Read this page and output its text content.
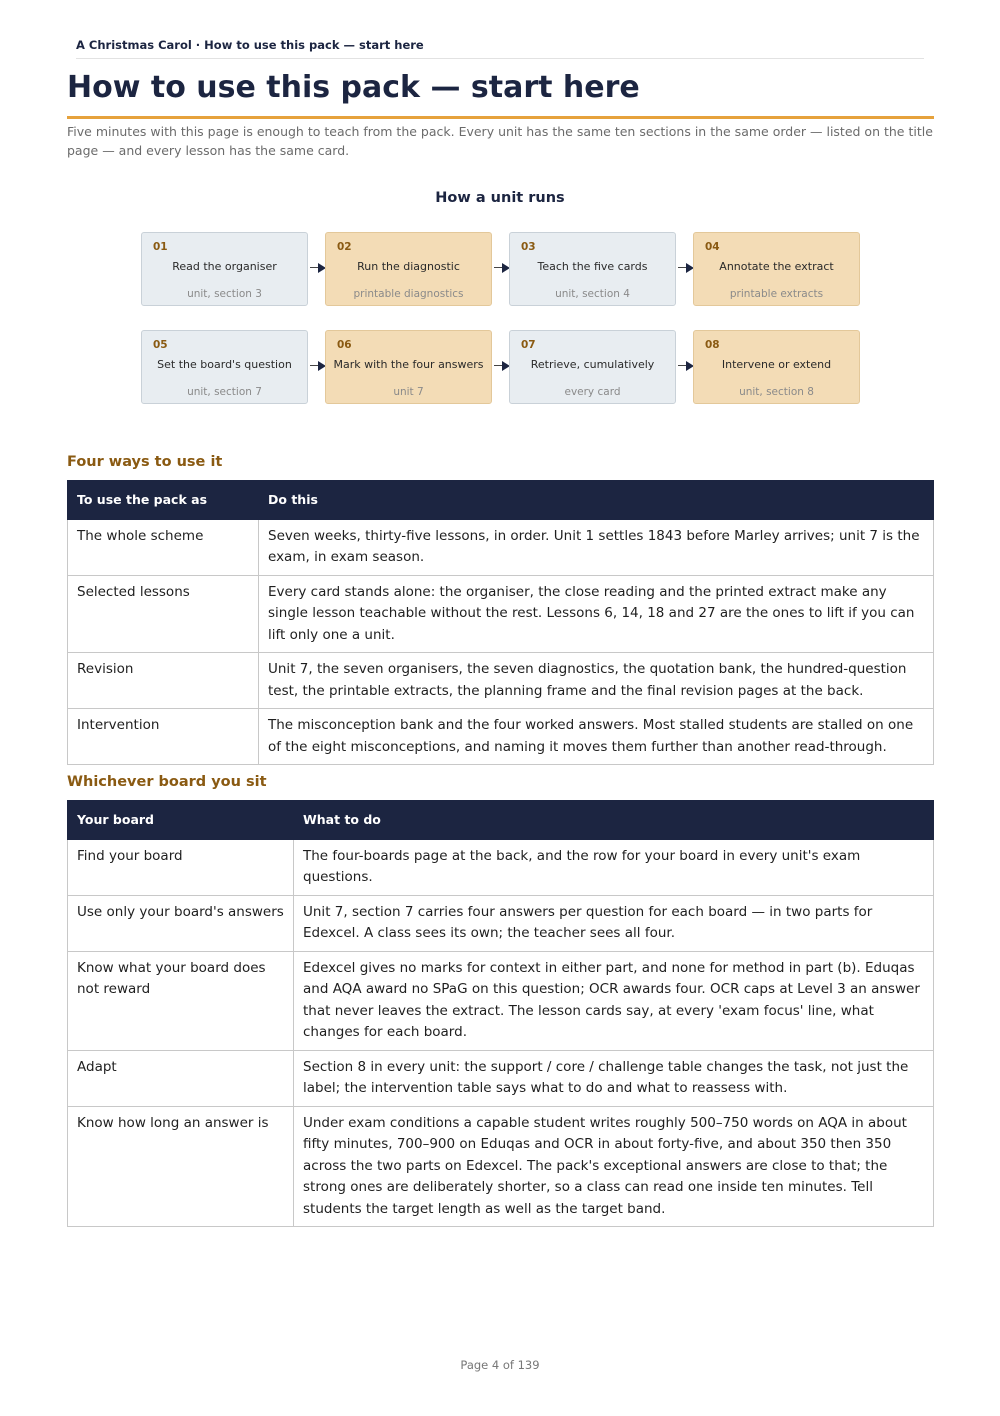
A Christmas Carol · How to use this pack — start here
How to use this pack — start here

Five minutes with this page is enough to teach from the pack. Every unit has the same ten sections in the same order — listed on the title page — and every lesson has the same card.

How a unit runs
01
Read the organiser
unit, section 3
02
Run the diagnostic
printable diagnostics
03
Teach the five cards
unit, section 4
04
Annotate the extract
printable extracts
05
Set the board's question
unit, section 7
06
Mark with the four answers
unit 7
07
Retrieve, cumulatively
every card
08
Intervene or extend
unit, section 8
Four ways to use it
To use the pack as	Do this
The whole scheme	Seven weeks, thirty-five lessons, in order. Unit 1 settles 1843 before Marley arrives; unit 7 is the exam, in exam season.
Selected lessons	Every card stands alone: the organiser, the close reading and the printed extract make any single lesson teachable without the rest. Lessons 6, 14, 18 and 27 are the ones to lift if you can lift only one a unit.
Revision	Unit 7, the seven organisers, the seven diagnostics, the quotation bank, the hundred-question test, the printable extracts, the planning frame and the final revision pages at the back.
Intervention	The misconception bank and the four worked answers. Most stalled students are stalled on one of the eight misconceptions, and naming it moves them further than another read-through.
Whichever board you sit
Your board	What to do
Find your board	The four-boards page at the back, and the row for your board in every unit's exam questions.
Use only your board's answers	Unit 7, section 7 carries four answers per question for each board — in two parts for Edexcel. A class sees its own; the teacher sees all four.
Know what your board does not reward	Edexcel gives no marks for context in either part, and none for method in part (b). Eduqas and AQA award no SPaG on this question; OCR awards four. OCR caps at Level 3 an answer that never leaves the extract. The lesson cards say, at every 'exam focus' line, what changes for each board.
Adapt	Section 8 in every unit: the support / core / challenge table changes the task, not just the label; the intervention table says what to do and what to reassess with.
Know how long an answer is	Under exam conditions a capable student writes roughly 500–750 words on AQA in about fifty minutes, 700–900 on Eduqas and OCR in about forty-five, and about 350 then 350 across the two parts on Edexcel. The pack's exceptional answers are close to that; the strong ones are deliberately shorter, so a class can read one inside ten minutes. Tell students the target length as well as the target band.
Page 4 of 139
